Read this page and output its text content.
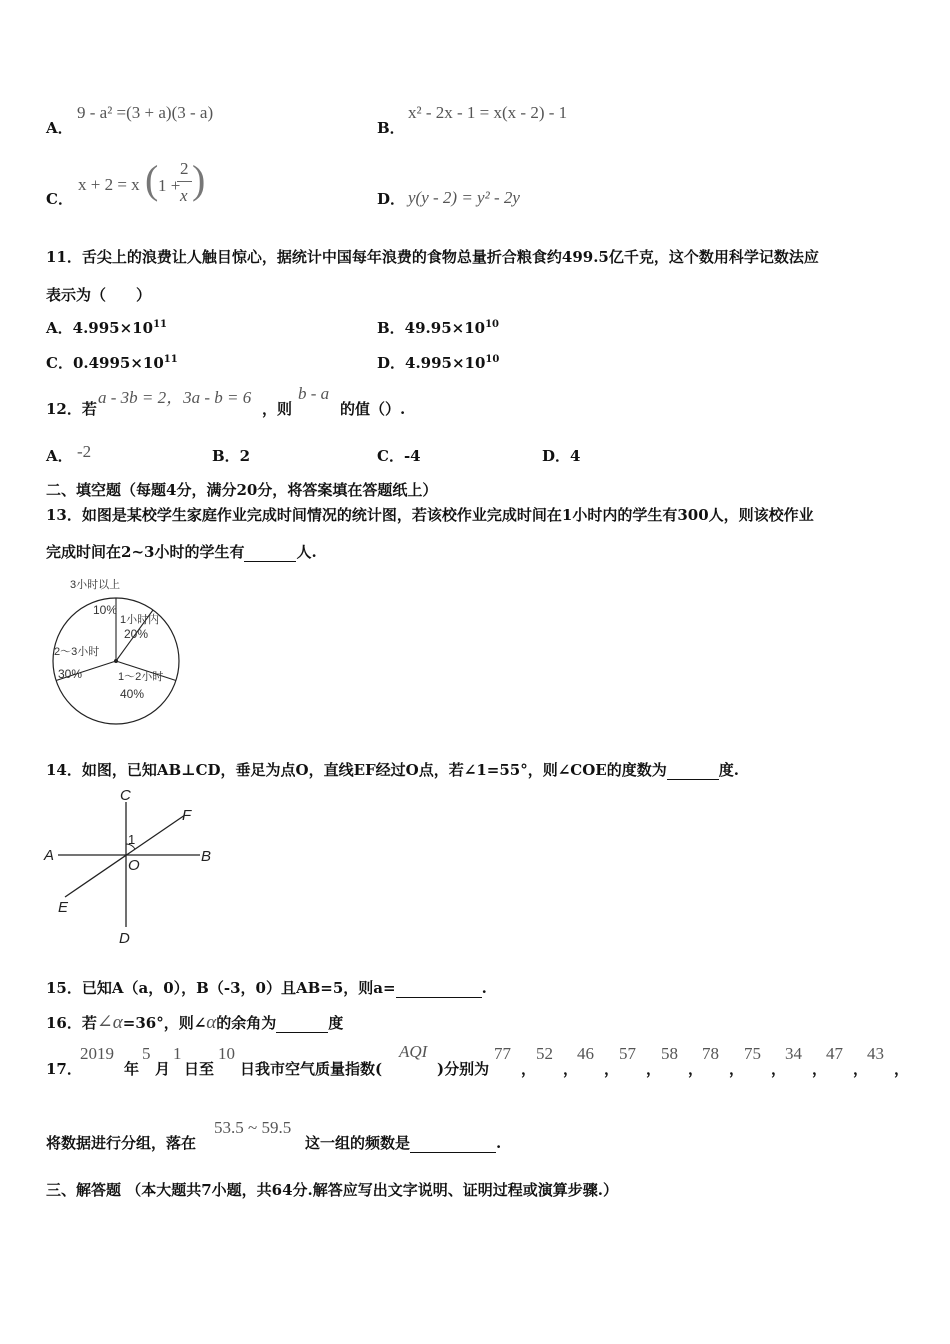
A．
9 - a² =(3 + a)(3 - a)
B．
x² - 2x - 1 = x(x - 2) - 1
C．
x + 2 = x ( 1 +
2
x )	D． y(y - 2) = y² - 2y
11．舌尖上的浪费让人触目惊心，据统计中国每年浪费的食物总量折合粮食约499.5亿千克，这个数用科学记数法应
表示为（　　）
A．$4.995\times 10^{11}$	B．$49.95\times 10^{10}$
C．$0.4995\times 10^{11}$	D．$4.995\times 10^{10}$
12．若
a - 3b = 2，3a - b = 6
，则
b - a
的值（）.
A． -2	B．2	C．-4	D．4
二、填空题（每题4分，满分20分，将答案填在答题纸上）
13．如图是某校学生家庭作业完成时间情况的统计图，若该校作业完成时间在1小时内的学生有300人，则该校作业
完成时间在2~3小时的学生有	人.
3小时以上
10%
1小时内
20%
1～2小时
40%
2～3小时
30%
14．如图，已知AB⊥CD，垂足为点O，直线EF经过O点，若∠1=55°，则∠COE的度数为	度.
C
F
1
A
O
B
E
D
15．已知A（a，0），B（-3，0）且AB=5，则a=	.
16．若∠α=36°，则∠α的余角为	度
17．
2019
年
5
月
1
日至
10
日我市空气质量指数(
AQI
)分别为
77
，
52
，
46
，
57
，
58
，
78
，
75
，
34
，
47
，
43
，
将数据进行分组，落在
53.5 ~ 59.5
这一组的频数是	.
三、解答题 （本大题共7小题，共64分.解答应写出文字说明、证明过程或演算步骤.）
